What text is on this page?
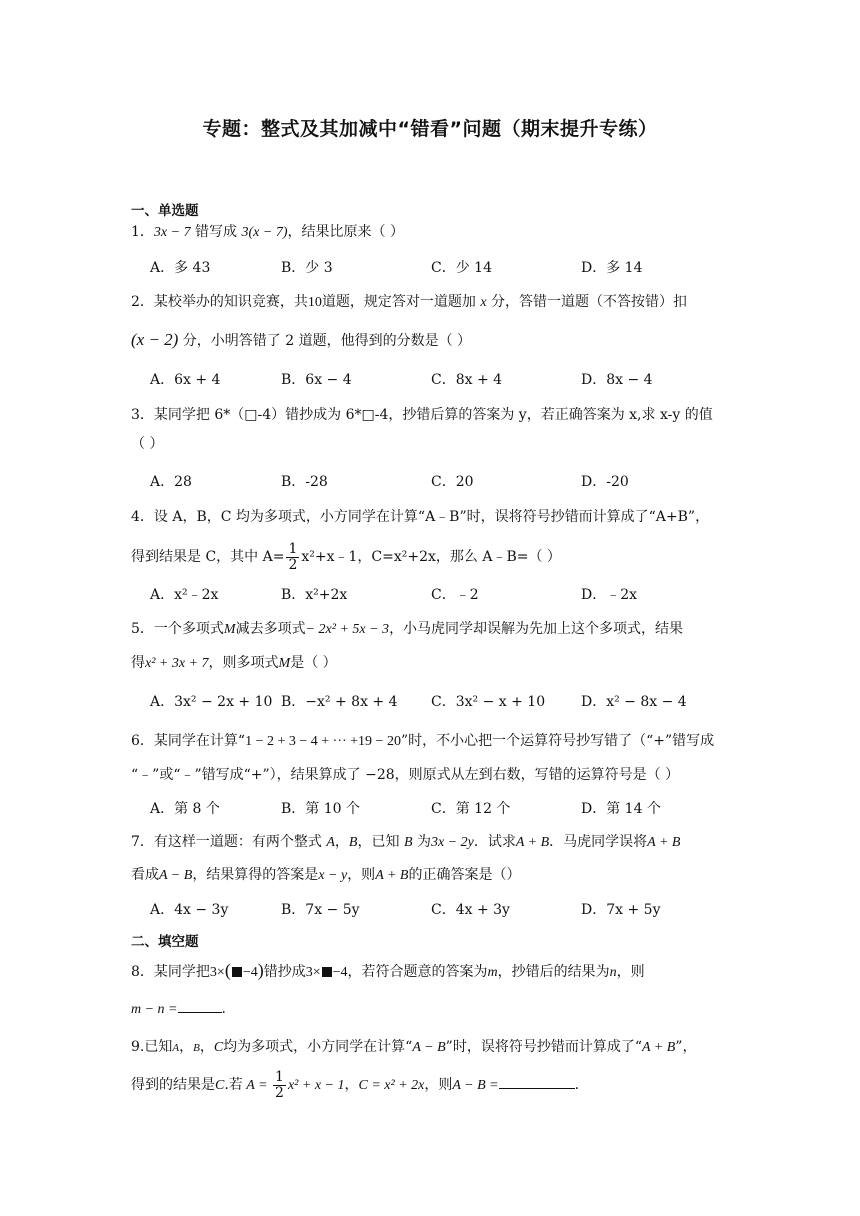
专题：整式及其加减中“错看”问题（期末提升专练）
一、单选题
1．3x − 7 错写成 3(x − 7)，结果比原来（ ）
A．多 43	B．少 3	C．少 14	D．多 14
2．某校举办的知识竞赛，共10道题，规定答对一道题加 x 分，答错一道题（不答按错）扣
(x − 2) 分，小明答错了 2 道题，他得到的分数是（ ）
A．6x + 4	B．6x − 4	C．8x + 4	D．8x − 4
3．某同学把 6*（□-4）错抄成为 6*□-4，抄错后算的答案为 y，若正确答案为 x,求 x-y 的值
（ ）
A．28	B．-28	C．20	D．-20
4．设 A，B，C 均为多项式，小方同学在计算“A﹣B”时，误将符号抄错而计算成了“A+B”，
得到结果是 C，其中 $A= \frac{1}{2}$ x²+x﹣1，C=x²+2x，那么 A﹣B=（ ）
A．x²﹣2x	B．x²+2x	C．﹣2	D．﹣2x
5．一个多项式M减去多项式− 2x² + 5x − 3，小马虎同学却误解为先加上这个多项式，结果
得x² + 3x + 7，则多项式M是（ ）
A．3x² − 2x + 10 B．−x² + 8x + 4 C．3x² − x + 10	D．x² − 8x − 4
6．某同学在计算“1 − 2 + 3 − 4 + ··· +19 − 20”时，不小心把一个运算符号抄写错了（“+”错写成
“﹣”或“﹣”错写成“+”），结果算成了 −28，则原式从左到右数，写错的运算符号是（ ）
A．第 8 个	B．第 10 个	C．第 12 个	D．第 14 个
7．有这样一道题：有两个整式 A，B，已知 B 为3x − 2y．试求A + B．马虎同学误将A + B
看成A − B，结果算得的答案是x − y，则A + B的正确答案是（）
A．4x − 3y	B．7x − 5y	C．4x + 3y	D．7x + 5y
二、填空题
8．某同学把3×( −4)错抄成3× −4，若符合题意的答案为m，抄错后的结果为n，则
m − n =	.
9.已知A，B，C均为多项式，小方同学在计算“A − B”时，误将符号抄错而计算成了“A + B”，
得到的结果是C.若 $A = \frac{1}{2} x^2 + x - 1$，C = x² + 2x，则A − B =	.
